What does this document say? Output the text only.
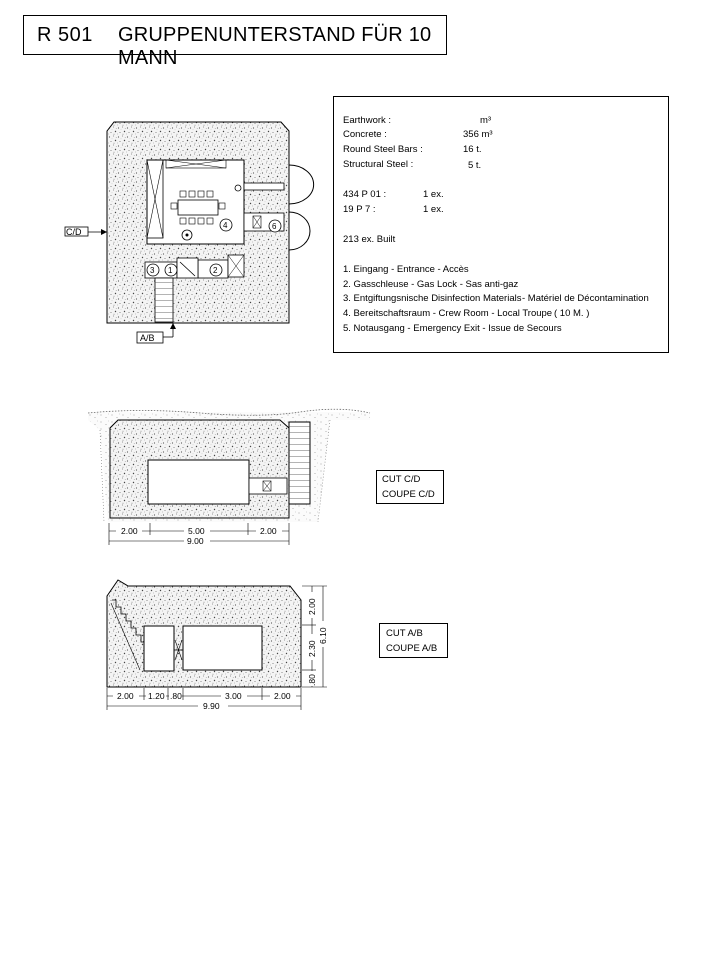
R 501 GRUPPENUNTERSTAND FÜR 10 MANN
Earthwork :	m³
Concrete :	356 m³
Round Steel Bars :	16 t.
Structural Steel :	5 t.
434 P 01 :	1 ex.
19 P 7 :	1 ex.
213 ex. Built
1. Eingang - Entrance - Accès
2. Gasschleuse - Gas Lock - Sas anti-gaz
3. Entgiftungsnische Disinfection Materials - Matériel de Décontamination
4. Bereitschaftsraum - Crew Room - Local Troupe ( 10 M. )
5. Notausgang - Emergency Exit - Issue de Secours
CUT C/D
COUPE C/D
CUT A/B
COUPE A/B
C/D
A/B
3 1	2
4	6
2.00	5.00	2.00
9.00
2.00 1.20 .80	3.00	2.00
9.90
2.00
2.30
.80
6.10
